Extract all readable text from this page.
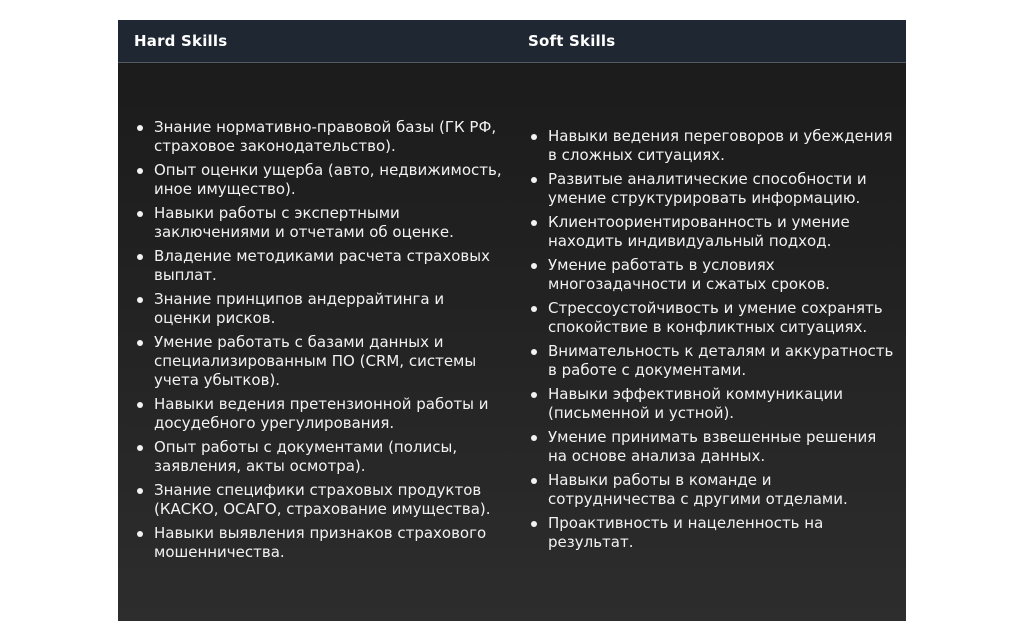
Hard Skills	Soft Skills
Знание нормативно-правовой базы (ГК РФ, страховое законодательство).
Опыт оценки ущерба (авто, недвижимость, иное имущество).
Навыки работы с экспертными заключениями и отчетами об оценке.
Владение методиками расчета страховых выплат.
Знание принципов андеррайтинга и оценки рисков.
Умение работать с базами данных и специализированным ПО (CRM, системы учета убытков).
Навыки ведения претензионной работы и досудебного урегулирования.
Опыт работы с документами (полисы, заявления, акты осмотра).
Знание специфики страховых продуктов (КАСКО, ОСАГО, страхование имущества).
Навыки выявления признаков страхового мошенничества.
Навыки ведения переговоров и убеждения в сложных ситуациях.
Развитые аналитические способности и умение структурировать информацию.
Клиентоориентированность и умение находить индивидуальный подход.
Умение работать в условиях многозадачности и сжатых сроков.
Стрессоустойчивость и умение сохранять спокойствие в конфликтных ситуациях.
Внимательность к деталям и аккуратность в работе с документами.
Навыки эффективной коммуникации (письменной и устной).
Умение принимать взвешенные решения на основе анализа данных.
Навыки работы в команде и сотрудничества с другими отделами.
Проактивность и нацеленность на результат.
